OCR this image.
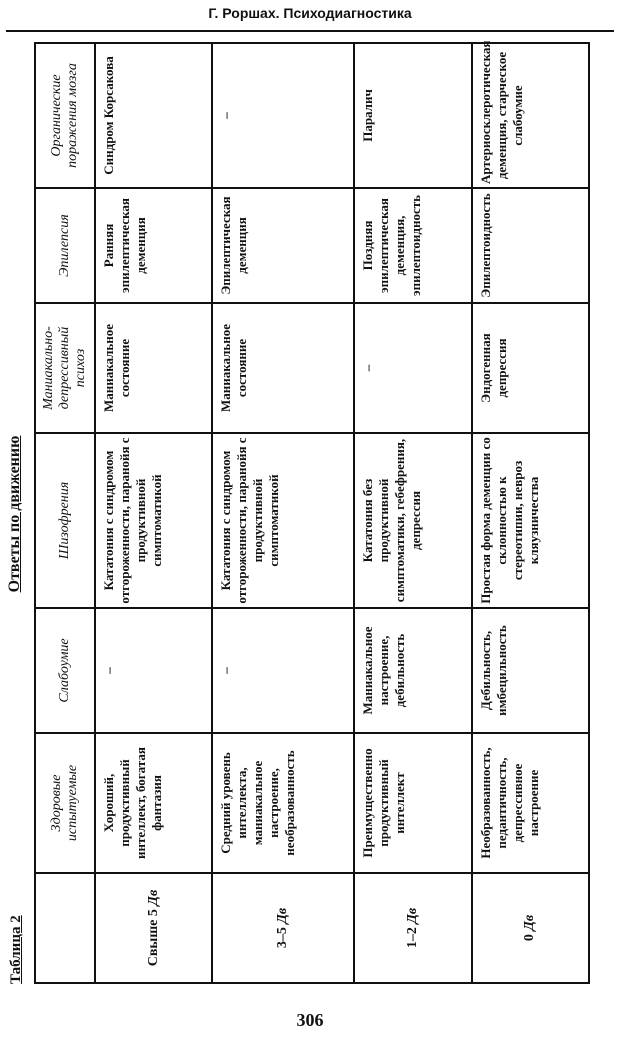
Г. Роршах. Психодиагностика
Таблица 2
Ответы по движению
	Здоровые испытуемые	Слабоумие	Шизофрения	Маниакально-депрессивный психоз	Эпилепсия	Органические поражения мозга
Свыше 5 Дв	Хороший, продуктивный интеллект, богатая фантазия	–	Кататония с синдромом отгороженности, паранойя с продуктивной симптоматикой	Маниакальное состояние	Ранняя эпилептическая деменция	Синдром Корсакова
3–5 Дв	Средний уровень интеллекта, маниакальное настроение, необразованность	–	Кататония с синдромом отгороженности, паранойя с продуктивной симптоматикой	Маниакальное состояние	Эпилептическая деменция	–
1–2 Дв	Преимущественно продуктивный интеллект	Маниакальное настроение, дебильность	Кататония без продуктивной симптоматики, гебефрения, депрессия	–	Поздняя эпилептическая деменция, эпилептоидность	Паралич
0 Дв	Необразованность, педантичность, депрессивное настроение	Дебильность, имбецильность	Простая форма деменции со склонностью к стереотипии, невроз кляузничества	Эндогенная депрессия	Эпилептоидность	Артериосклеротическая деменция, старческое слабоумие
306
